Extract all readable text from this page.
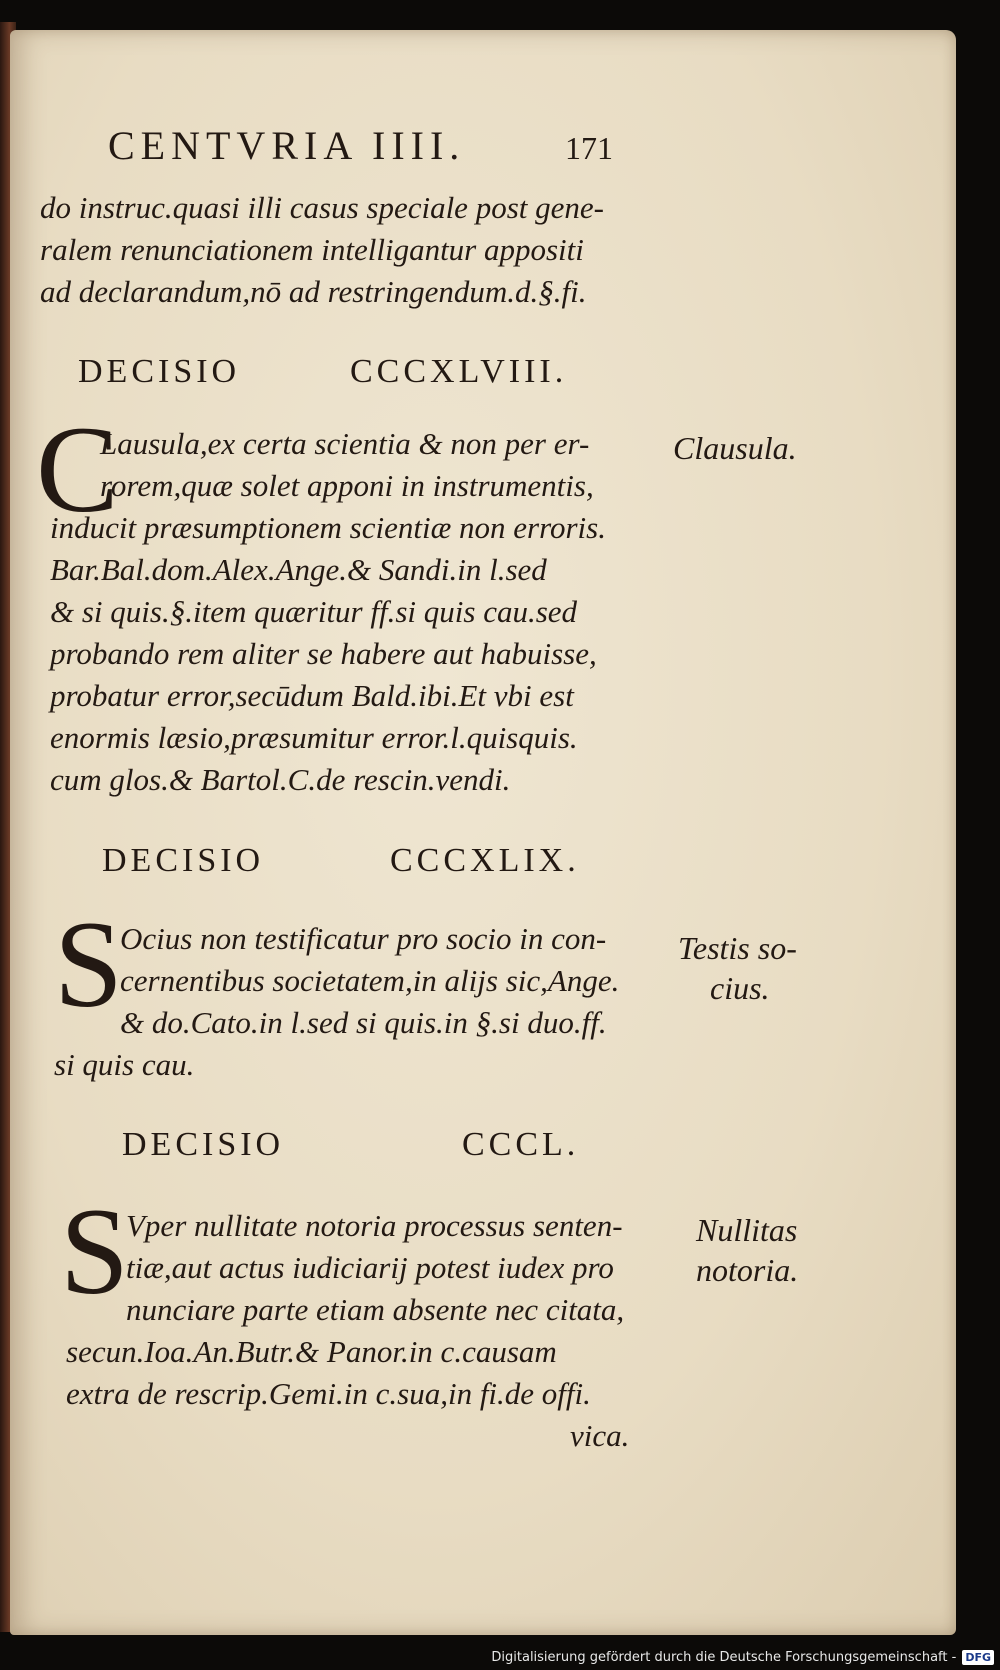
CENTVRIA IIII.	171
do instruc.quasi illi casus speciale post gene-
ralem renunciationem intelligantur appositi
ad declarandum,nō ad restringendum.d.§.fi.
DECISIO	CCCXLVIII.
C
Lausula,ex certa scientia & non per er-
rorem,quæ solet apponi in instrumentis,
inducit præsumptionem scientiæ non erroris.
Bar.Bal.dom.Alex.Ange.& Sandi.in l.sed
& si quis.§.item quæritur ff.si quis cau.sed
probando rem aliter se habere aut habuisse,
probatur error,secūdum Bald.ibi.Et vbi est
enormis læsio,præsumitur error.l.quisquis.
cum glos.& Bartol.C.de rescin.vendi.
Clausula.
DECISIO	CCCXLIX.
S
Ocius non testificatur pro socio in con-
cernentibus societatem,in alijs sic,Ange.
& do.Cato.in l.sed si quis.in §.si duo.ff.
si quis cau.
Testis so-
cius.
DECISIO	CCCL.
S
Vper nullitate notoria processus senten-
tiæ,aut actus iudiciarij potest iudex pro
nunciare parte etiam absente nec citata,
secun.Ioa.An.Butr.& Panor.in c.causam
extra de rescrip.Gemi.in c.sua,in fi.de offi.
vica.
Nullitas
notoria.
Digitalisierung gefördert durch die Deutsche Forschungsgemeinschaft - DFG
